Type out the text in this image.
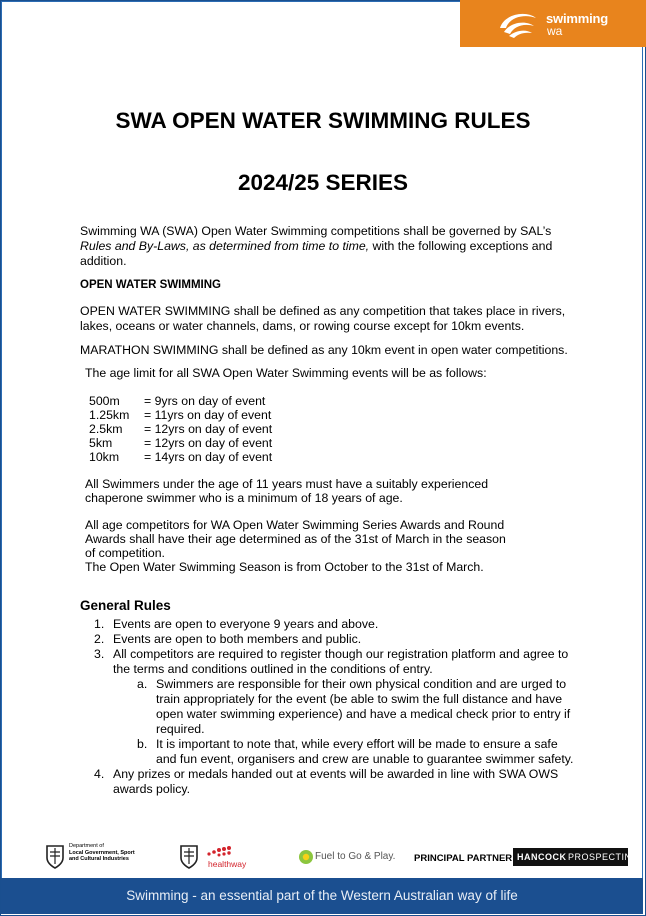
swimming
wa
SWA OPEN WATER SWIMMING RULES
2024/25 SERIES
Swimming WA (SWA) Open Water Swimming competitions shall be governed by SAL’s
Rules and By-Laws, as determined from time to time, with the following exceptions and
addition.
OPEN WATER SWIMMING
OPEN WATER SWIMMING shall be defined as any competition that takes place in rivers,
lakes, oceans or water channels, dams, or rowing course except for 10km events.
MARATHON SWIMMING shall be defined as any 10km event in open water competitions.
The age limit for all SWA Open Water Swimming events will be as follows:
500m = 9yrs on day of event
1.25km = 11yrs on day of event
2.5km = 12yrs on day of event
5km	= 12yrs on day of event
10km = 14yrs on day of event
All Swimmers under the age of 11 years must have a suitably experienced
chaperone swimmer who is a minimum of 18 years of age.
All age competitors for WA Open Water Swimming Series Awards and Round
Awards shall have their age determined as of the 31st of March in the season
of competition.
The Open Water Swimming Season is from October to the 31st of March.
General Rules
1. Events are open to everyone 9 years and above.
2. Events are open to both members and public.
3. All competitors are required to register though our registration platform and agree to
the terms and conditions outlined in the conditions of entry.
a. Swimmers are responsible for their own physical condition and are urged to
train appropriately for the event (be able to swim the full distance and have
open water swimming experience) and have a medical check prior to entry if
required.
b. It is important to note that, while every effort will be made to ensure a safe
and fun event, organisers and crew are unable to guarantee swimmer safety.
4. Any prizes or medals handed out at events will be awarded in line with SWA OWS
awards policy.
Department of
Local Government, Sport
and Cultural Industries	healthway
Fuel to Go & Play. PRINCIPAL PARTNER HANCOCK PROSPECTING
Swimming - an essential part of the Western Australian way of life
